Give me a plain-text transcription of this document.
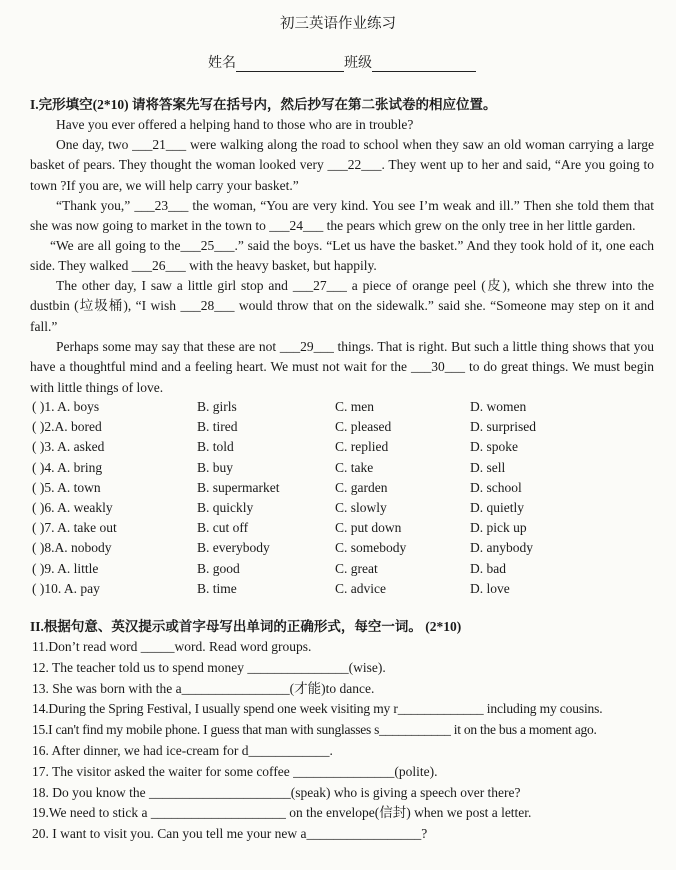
初三英语作业练习
姓名	班级
I.完形填空(2*10) 请将答案先写在括号内，然后抄写在第二张试卷的相应位置。
Have you ever offered a helping hand to those who are in trouble?
One day, two ___21___ were walking along the road to school when they saw an old woman carrying a large basket of pears. They thought the woman looked very ___22___. They went up to her and said, “Are you going to town ?If you are, we will help carry your basket.”
“Thank you,” ___23___ the woman, “You are very kind. You see I’m weak and ill.” Then she told them that she was now going to market in the town to ___24___ the pears which grew on the only tree in her little garden.
“We are all going to the___25___.” said the boys. “Let us have the basket.” And they took hold of it, one each side. They walked ___26___ with the heavy basket, but happily.
The other day, I saw a little girl stop and ___27___ a piece of orange peel (皮), which she threw into the dustbin (垃圾桶), “I wish ___28___ would throw that on the sidewalk.” said she. “Someone may step on it and fall.”
Perhaps some may say that these are not ___29___ things. That is right. But such a little thing shows that you have a thoughtful mind and a feeling heart. We must not wait for the ___30___ to do great things. We must begin with little things of love.
( )1. A. boys	B. girls	C. men	D. women
( )2.A. bored	B. tired	C. pleased	D. surprised
( )3. A. asked	B. told	C. replied	D. spoke
( )4. A. bring	B. buy	C. take	D. sell
( )5. A. town	B. supermarket	C. garden	D. school
( )6. A. weakly	B. quickly	C. slowly	D. quietly
( )7. A. take out	B. cut off	C. put down	D. pick up
( )8.A. nobody	B. everybody	C. somebody	D. anybody
( )9. A. little	B. good	C. great	D. bad
( )10. A. pay	B. time	C. advice	D. love
II.根据句意、英汉提示或首字母写出单词的正确形式，每空一词。 (2*10)
11.Don’t read word _____word. Read word groups.
12. The teacher told us to spend money _______________(wise).
13. She was born with the a________________(才能)to dance.
14.During the Spring Festival, I usually spend one week visiting my r_____________ including my cousins.
15.I can't find my mobile phone. I guess that man with sunglasses s___________ it on the bus a moment ago.
16. After dinner, we had ice-cream for d____________.
17. The visitor asked the waiter for some coffee _______________(polite).
18. Do you know the _____________________(speak) who is giving a speech over there?
19.We need to stick a ____________________ on the envelope(信封) when we post a letter.
20. I want to visit you. Can you tell me your new a_________________?
